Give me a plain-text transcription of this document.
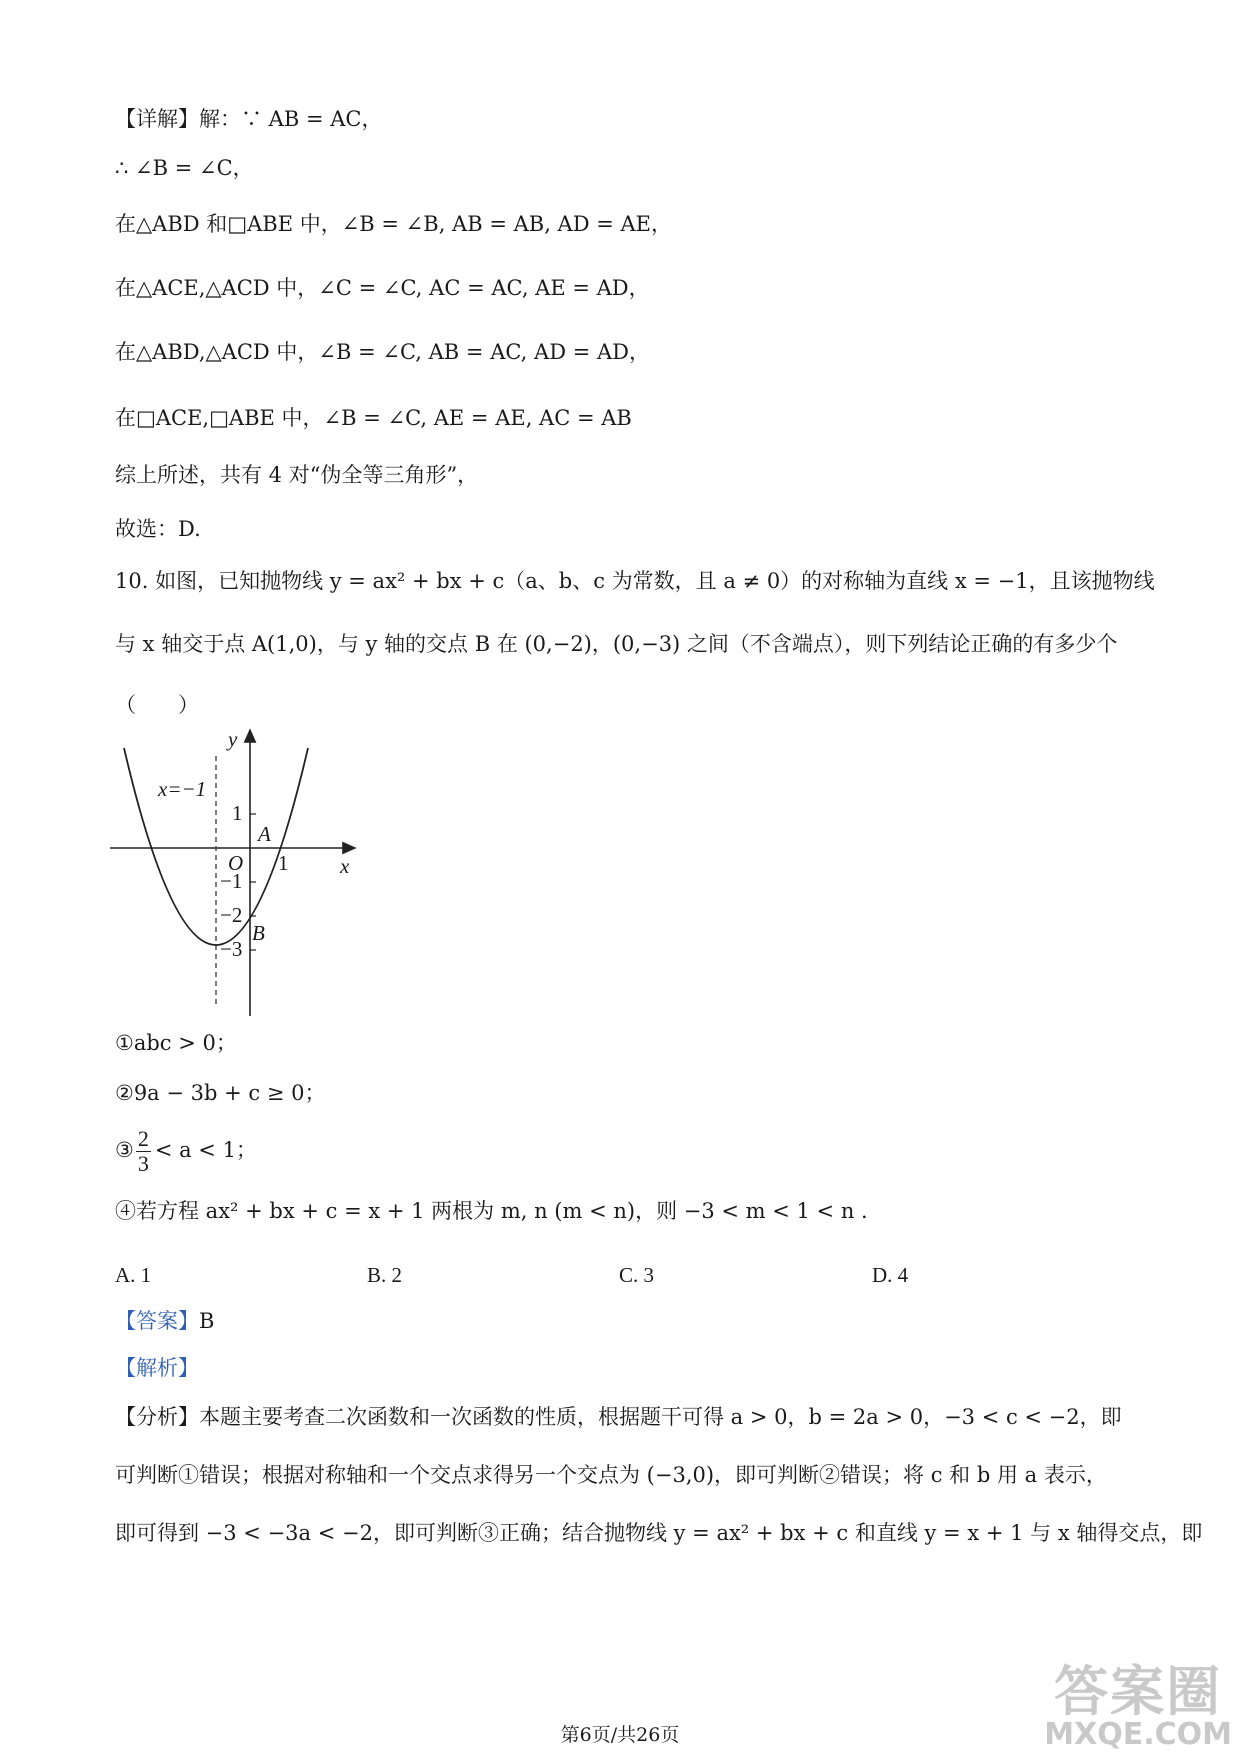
【详解】解：∵ AB = AC，
∴ ∠B = ∠C，
在△ABD 和□ABE 中，∠B = ∠B, AB = AB, AD = AE，
在△ACE,△ACD 中，∠C = ∠C, AC = AC, AE = AD，
在△ABD,△ACD 中，∠B = ∠C, AB = AC, AD = AD，
在□ACE,□ABE 中，∠B = ∠C, AE = AE, AC = AB
综上所述，共有 4 对“伪全等三角形”，
故选：D.
10. 如图，已知抛物线 y = ax² + bx + c（a、b、c 为常数，且 a ≠ 0）的对称轴为直线 x = −1，且该抛物线
与 x 轴交于点 A(1,0)，与 y 轴的交点 B 在 (0,−2)，(0,−3) 之间（不含端点），则下列结论正确的有多少个
（　　）
y
x
O
x=−1
A
B
1
1
−1
−2
−3
①abc > 0；
②9a − 3b + c ≥ 0；
③ $\frac{2}{3} < a < 1$；
④若方程 ax² + bx + c = x + 1 两根为 m, n (m < n)，则 −3 < m < 1 < n .
A. 1	B. 2	C. 3	D. 4
【答案】B
【解析】
【分析】本题主要考查二次函数和一次函数的性质，根据题干可得 a > 0，b = 2a > 0，−3 < c < −2，即
可判断①错误；根据对称轴和一个交点求得另一个交点为 (−3,0)，即可判断②错误；将 c 和 b 用 a 表示，
即可得到 −3 < −3a < −2，即可判断③正确；结合抛物线 y = ax² + bx + c 和直线 y = x + 1 与 x 轴得交点，即
第6页/共26页
答案圈
MXQE.COM
